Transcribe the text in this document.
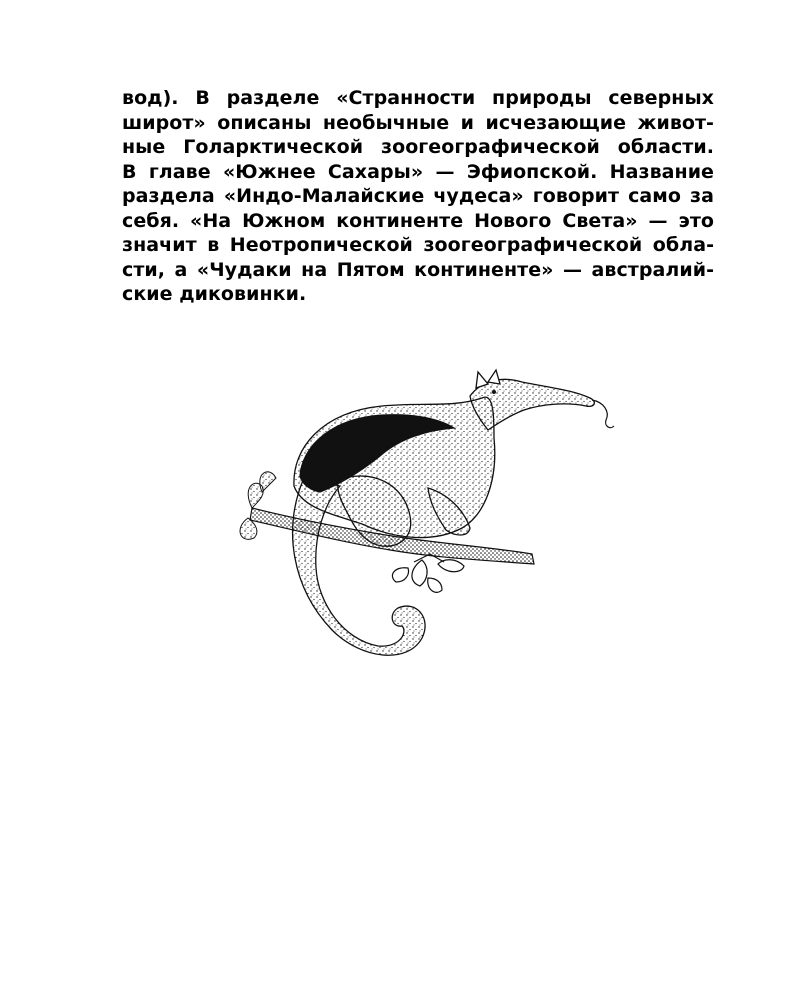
вод). В разделе «Странности природы северных
широт» описаны необычные и исчезающие живот-
ные Голарктической зоогеографической области.
В главе «Южнее Сахары» — Эфиопской. Название
раздела «Индо-Малайские чудеса» говорит само за
себя. «На Южном континенте Нового Света» — это
значит в Неотропической зоогеографической обла-
сти, а «Чудаки на Пятом континенте» — австралий-
ские диковинки.
